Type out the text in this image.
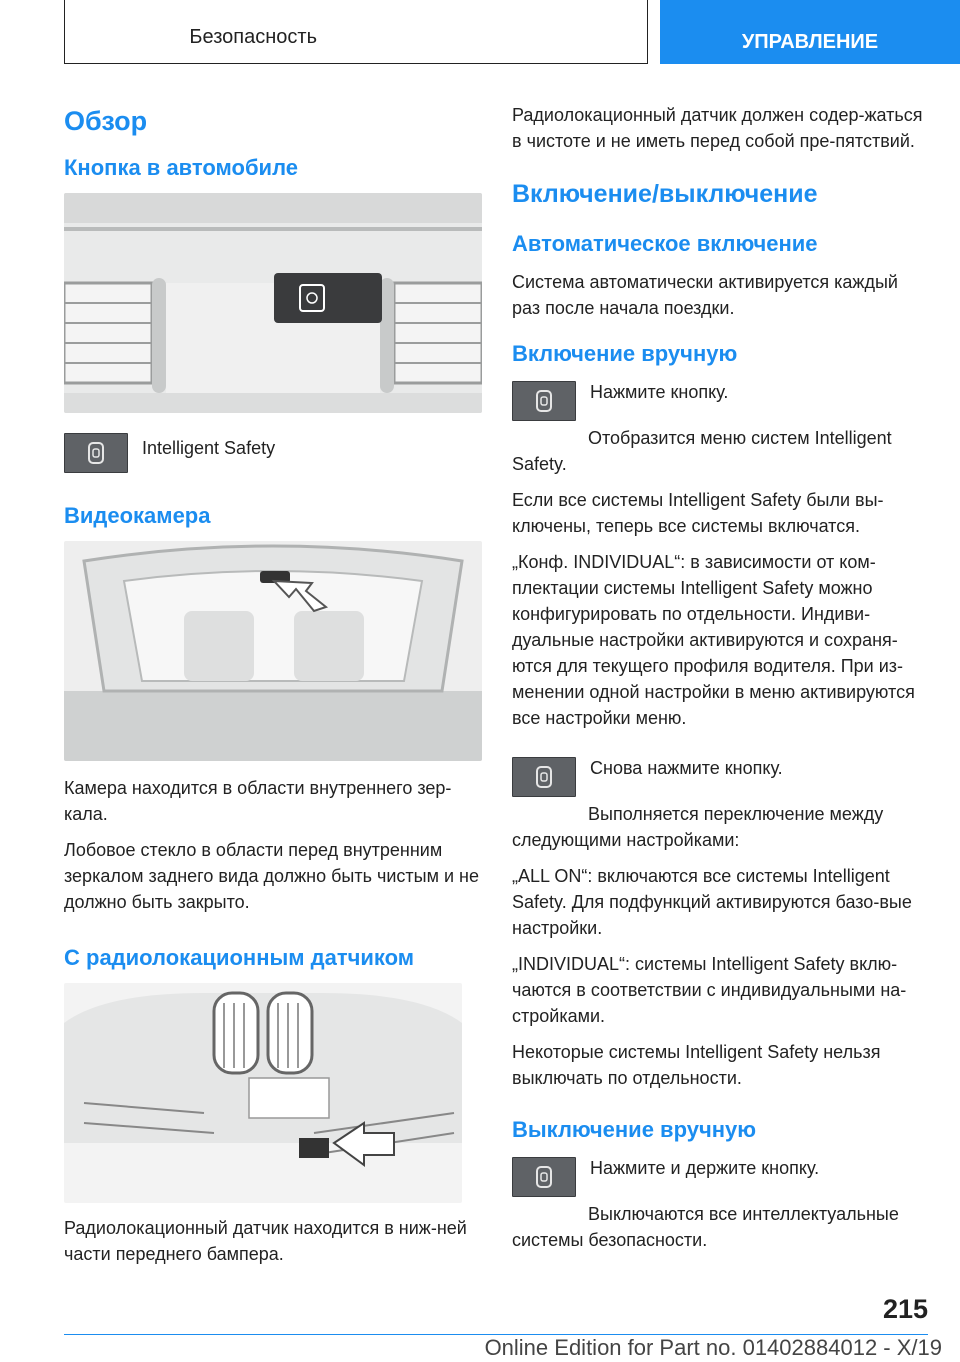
Безопасность	УПРАВЛЕНИЕ
Обзор
Кнопка в автомобиле

Intelligent Safety

Видеокамера

Камера находится в области внутреннего зер-кала.

Лобовое стекло в области перед внутренним зеркалом заднего вида должно быть чистым и не должно быть закрыто.

С радиолокационным датчиком

Радиолокационный датчик находится в ниж-ней части переднего бампера.

Радиолокационный датчик должен содер-жаться в чистоте и не иметь перед собой пре-пятствий.

Включение/выключение
Автоматическое включение

Система автоматически активируется каждый раз после начала поездки.

Включение вручную

Нажмите кнопку.

Отобразится меню систем Intelligent Safety.

Если все системы Intelligent Safety были вы-ключены, теперь все системы включатся.

„Конф. INDIVIDUAL“: в зависимости от ком-плектации системы Intelligent Safety можно конфигурировать по отдельности. Индиви-дуальные настройки активируются и сохраня-ются для текущего профиля водителя. При из-менении одной настройки в меню активируются все настройки меню.

Снова нажмите кнопку.

Выполняется переключение между следующими настройками:

„ALL ON“: включаются все системы Intelligent Safety. Для подфункций активируются базо-вые настройки.

„INDIVIDUAL“: системы Intelligent Safety вклю-чаются в соответствии с индивидуальными на-стройками.

Некоторые системы Intelligent Safety нельзя выключать по отдельности.

Выключение вручную

Нажмите и держите кнопку.

Выключаются все интеллектуальные системы безопасности.

215
Online Edition for Part no. 01402884012 - X/19
